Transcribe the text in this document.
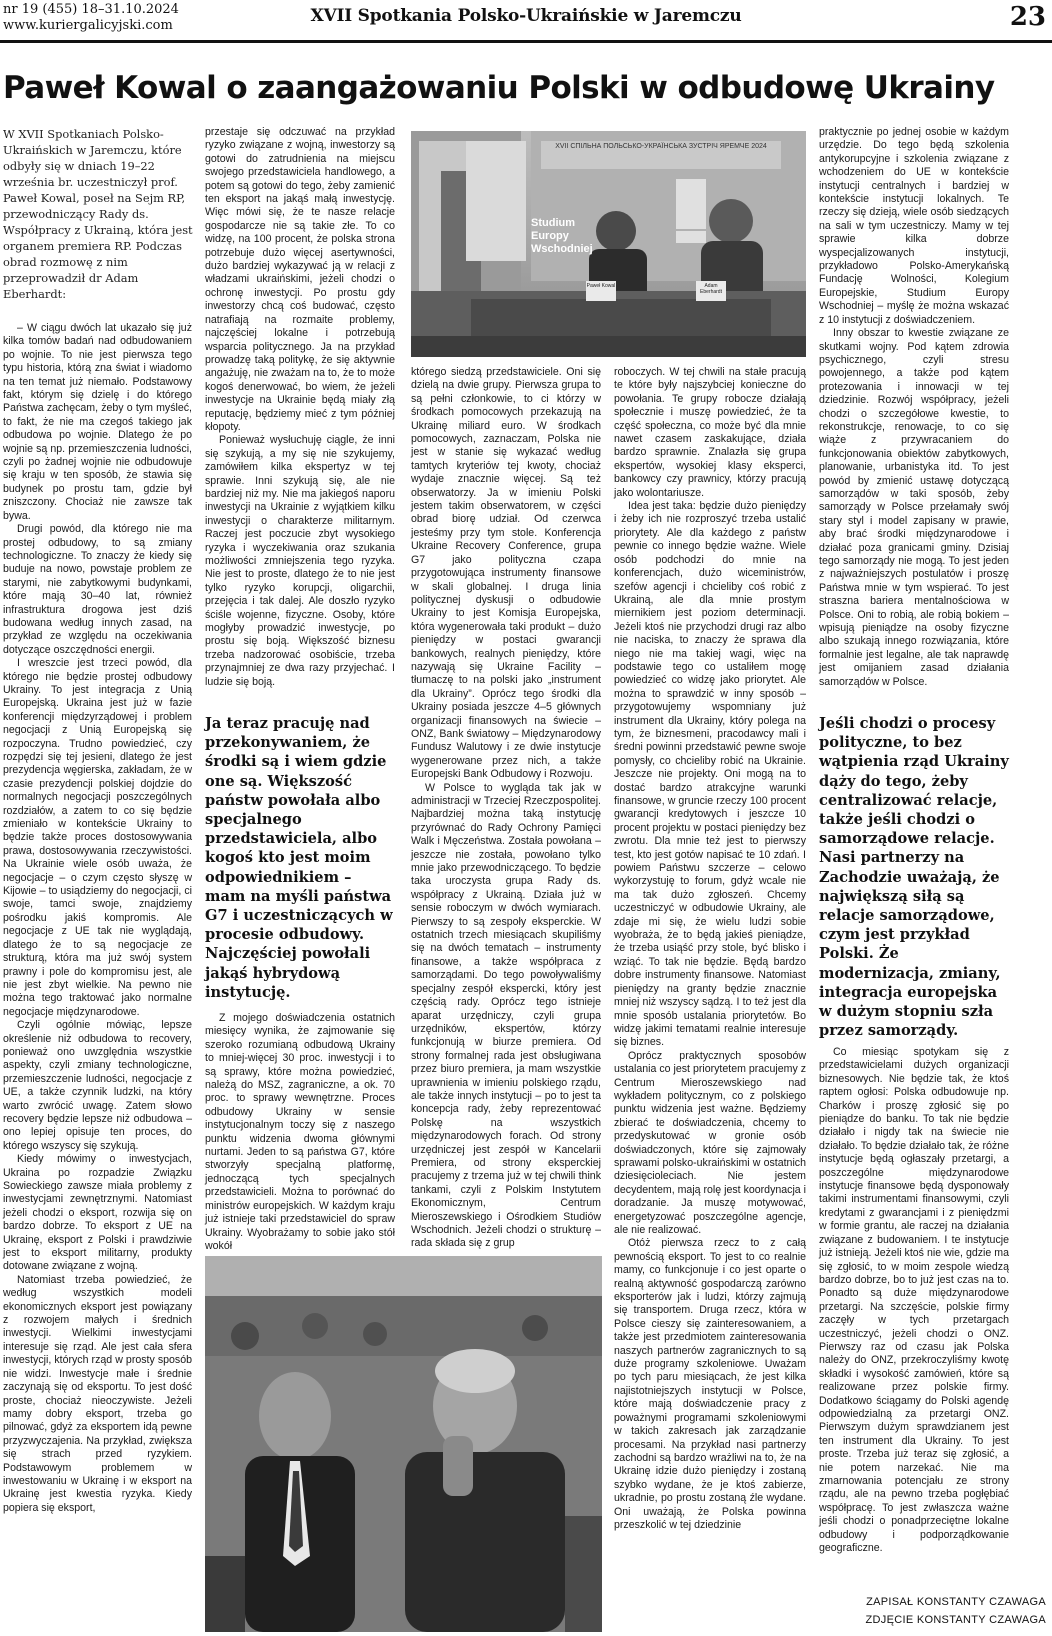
nr 19 (455) 18–31.10.2024
www.kuriergalicyjski.com	XVII Spotkania Polsko-Ukraińskie w Jaremczu	23
Paweł Kowal o zaangażowaniu Polski w odbudowę Ukrainy
W XVII Spotkaniach Polsko-Ukraińskich w Jaremczu, które odbyły się w dniach 19–22 września br. uczestniczył prof. Paweł Kowal, poseł na Sejm RP, przewodniczący Rady ds. Współpracy z Ukrainą, która jest organem premiera RP. Podczas obrad rozmowę z nim przeprowadził dr Adam Eberhardt:

– W ciągu dwóch lat ukazało się już kilka tomów badań nad odbudowaniem po wojnie. To nie jest pierwsza tego typu historia, którą zna świat i wiadomo na ten temat już niemało. Podstawowy fakt, którym się dzielę i do którego Państwa zachęcam, żeby o tym myśleć, to fakt, że nie ma czegoś takiego jak odbudowa po wojnie. Dlatego że po wojnie są np. przemieszczenia ludności, czyli po żadnej wojnie nie odbudowuje się kraju w ten sposób, że stawia się budynek po prostu tam, gdzie był zniszczony. Chociaż nie zawsze tak bywa.

Drugi powód, dla którego nie ma prostej odbudowy, to są zmiany technologiczne. To znaczy że kiedy się buduje na nowo, powstaje problem ze starymi, nie zabytkowymi budynkami, które mają 30–40 lat, również infrastruktura drogowa jest dziś budowana według innych zasad, na przykład ze względu na oczekiwania dotyczące oszczędności energii.

I wreszcie jest trzeci powód, dla którego nie będzie prostej odbudowy Ukrainy. To jest integracja z Unią Europejską. Ukraina jest już w fazie konferencji międzyrządowej i problem negocjacji z Unią Europejską się rozpoczyna. Trudno powiedzieć, czy rozpędzi się tej jesieni, dlatego że jest prezydencja węgierska, zakładam, że w czasie prezydencji polskiej dojdzie do normalnych negocjacji poszczególnych rozdziałów, a zatem to co się będzie zmieniało w kontekście Ukrainy to będzie także proces dostosowywania prawa, dostosowywania rzeczywistości. Na Ukrainie wiele osób uważa, że negocjacje – o czym często słyszę w Kijowie – to usiądziemy do negocjacji, ci swoje, tamci swoje, znajdziemy pośrodku jakiś kompromis. Ale negocjacje z UE tak nie wyglądają, dlatego że to są negocjacje ze strukturą, która ma już swój system prawny i pole do kompromisu jest, ale nie jest zbyt wielkie. Na pewno nie można tego traktować jako normalne negocjacje międzynarodowe.

Czyli ogólnie mówiąc, lepsze określenie niż odbudowa to recovery, ponieważ ono uwzględnia wszystkie aspekty, czyli zmiany technologiczne, przemieszczenie ludności, negocjacje z UE, a także czynnik ludzki, na który warto zwrócić uwagę. Zatem słowo recovery będzie lepsze niż odbudowa – ono lepiej opisuje ten proces, do którego wszyscy się szykują.

Kiedy mówimy o inwestycjach, Ukraina po rozpadzie Związku Sowieckiego zawsze miała problemy z inwestycjami zewnętrznymi. Natomiast jeżeli chodzi o eksport, rozwija się on bardzo dobrze. To eksport z UE na Ukrainę, eksport z Polski i prawdziwie jest to eksport militarny, produkty dotowane związane z wojną.

Natomiast trzeba powiedzieć, że według wszystkich modeli ekonomicznych eksport jest powiązany z rozwojem małych i średnich inwestycji. Wielkimi inwestycjami interesuje się rząd. Ale jest cała sfera inwestycji, których rząd w prosty sposób nie widzi. Inwestycje małe i średnie zaczynają się od eksportu. To jest dość proste, chociaż nieoczywiste. Jeżeli mamy dobry eksport, trzeba go pilnować, gdyż za eksportem idą pewne przyzwyczajenia. Na przykład, zwiększa się strach przed ryzykiem. Podstawowym problemem w inwestowaniu w Ukrainę i w eksport na Ukrainę jest kwestia ryzyka. Kiedy popiera się eksport,

przestaje się odczuwać na przykład ryzyko związane z wojną, inwestorzy są gotowi do zatrudnienia na miejscu swojego przedstawiciela handlowego, a potem są gotowi do tego, żeby zamienić ten eksport na jakąś małą inwestycję. Więc mówi się, że te nasze relacje gospodarcze nie są takie złe. To co widzę, na 100 procent, że polska strona potrzebuje dużo więcej asertywności, dużo bardziej wykazywać ją w relacji z władzami ukraińskimi, jeżeli chodzi o ochronę inwestycji. Po prostu gdy inwestorzy chcą coś budować, często natrafiają na rozmaite problemy, najczęściej lokalne i potrzebują wsparcia politycznego. Ja na przykład prowadzę taką politykę, że się aktywnie angażuję, nie zważam na to, że to może kogoś denerwować, bo wiem, że jeżeli inwestycje na Ukrainie będą miały złą reputację, będziemy mieć z tym później kłopoty.

Ponieważ wysłuchuję ciągle, że inni się szykują, a my się nie szykujemy, zamówiłem kilka ekspertyz w tej sprawie. Inni szykują się, ale nie bardziej niż my. Nie ma jakiegoś naporu inwestycji na Ukrainie z wyjątkiem kilku inwestycji o charakterze militarnym. Raczej jest poczucie zbyt wysokiego ryzyka i wyczekiwania oraz szukania możliwości zmniejszenia tego ryzyka. Nie jest to proste, dlatego że to nie jest tylko ryzyko korupcji, oligarchii, przejęcia i tak dalej. Ale doszło ryzyko ściśle wojenne, fizyczne. Osoby, które mogłyby prowadzić inwestycje, po prostu się boją. Większość biznesu trzeba nadzorować osobiście, trzeba przynajmniej ze dwa razy przyjechać. I ludzie się boją.

Ja teraz pracuję nad przekonywaniem, że środki są i wiem gdzie one są. Większość państw powołała albo specjalnego przedstawiciela, albo kogoś kto jest moim odpowiednikiem – mam na myśli państwa G7 i uczestniczących w procesie odbudowy. Najczęściej powołali jakąś hybrydową instytucję.

Z mojego doświadczenia ostatnich miesięcy wynika, że zajmowanie się szeroko rozumianą odbudową Ukrainy to mniej-więcej 30 proc. inwestycji i to są sprawy, które można powiedzieć, należą do MSZ, zagraniczne, a ok. 70 proc. to sprawy wewnętrzne. Proces odbudowy Ukrainy w sensie instytucjonalnym toczy się z naszego punktu widzenia dwoma głównymi nurtami. Jeden to są państwa G7, które stworzyły specjalną platformę, jednoczącą tych specjalnych przedstawicieli. Można to porównać do ministrów europejskich. W każdym kraju już istnieje taki przedstawiciel do spraw Ukrainy. Wyobrażamy to sobie jako stół wokół

Studium Europy Wschodniej
XVII СПІЛЬНА ПОЛЬСЬКО-УКРАЇНСЬКА ЗУСТРІЧ ЯРЕМЧЕ 2024
Paweł Kowal	Adam Eberhardt

którego siedzą przedstawiciele. Oni się dzielą na dwie grupy. Pierwsza grupa to są pełni członkowie, to ci którzy w środkach pomocowych przekazują na Ukrainę miliard euro. W środkach pomocowych, zaznaczam, Polska nie jest w stanie się wykazać według tamtych kryteriów tej kwoty, chociaż wydaje znacznie więcej. Są też obserwatorzy. Ja w imieniu Polski jestem takim obserwatorem, w części obrad biorę udział. Od czerwca jesteśmy przy tym stole. Konferencja Ukraine Recovery Conference, grupa G7 jako polityczna czapa przygotowująca instrumenty finansowe w skali globalnej. I druga linia politycznej dyskusji o odbudowie Ukrainy to jest Komisja Europejska, która wygenerowała taki produkt – dużo pieniędzy w postaci gwarancji bankowych, realnych pieniędzy, które nazywają się Ukraine Facility – tłumaczę to na polski jako „instrument dla Ukrainy”. Oprócz tego środki dla Ukrainy posiada jeszcze 4–5 głównych organizacji finansowych na świecie – ONZ, Bank światowy – Międzynarodowy Fundusz Walutowy i ze dwie instytucje wygenerowane przez nich, a także Europejski Bank Odbudowy i Rozwoju.

W Polsce to wygląda tak jak w administracji w Trzeciej Rzeczpospolitej. Najbardziej można taką instytucję przyrównać do Rady Ochrony Pamięci Walk i Męczeństwa. Została powołana – jeszcze nie została, powołano tylko mnie jako przewodniczącego. To będzie taka uroczysta grupa Rady ds. współpracy z Ukrainą. Działa już w sensie roboczym w dwóch wymiarach. Pierwszy to są zespoły eksperckie. W ostatnich trzech miesiącach skupiliśmy się na dwóch tematach – instrumenty finansowe, a także współpraca z samorządami. Do tego powoływaliśmy specjalny zespół ekspercki, który jest częścią rady. Oprócz tego istnieje aparat urzędniczy, czyli grupa urzędników, ekspertów, którzy funkcjonują w biurze premiera. Od strony formalnej rada jest obsługiwana przez biuro premiera, ja mam wszystkie uprawnienia w imieniu polskiego rządu, ale także innych instytucji – po to jest ta koncepcja rady, żeby reprezentować Polskę na wszystkich międzynarodowych forach. Od strony urzędniczej jest zespół w Kancelarii Premiera, od strony eksperckiej pracujemy z trzema już w tej chwili think tankami, czyli z Polskim Instytutem Ekonomicznym, Centrum Mieroszewskiego i Ośrodkiem Studiów Wschodnich. Jeżeli chodzi o strukturę – rada składa się z grup

roboczych. W tej chwili na stałe pracują te które były najszybciej konieczne do powołania. Te grupy robocze działają społecznie i muszę powiedzieć, że ta część społeczna, co może być dla mnie nawet czasem zaskakujące, działa bardzo sprawnie. Znalazła się grupa ekspertów, wysokiej klasy eksperci, bankowcy czy prawnicy, którzy pracują jako wolontariusze.

Idea jest taka: będzie dużo pieniędzy i żeby ich nie rozproszyć trzeba ustalić priorytety. Ale dla każdego z państw pewnie co innego będzie ważne. Wiele osób podchodzi do mnie na konferencjach, dużo wiceministrów, szefów agencji i chcieliby coś robić z Ukrainą, ale dla mnie prostym miernikiem jest poziom determinacji. Jeżeli ktoś nie przychodzi drugi raz albo nie naciska, to znaczy że sprawa dla niego nie ma takiej wagi, więc na podstawie tego co ustaliłem mogę powiedzieć co widzę jako priorytet. Ale można to sprawdzić w inny sposób – przygotowujemy wspomniany już instrument dla Ukrainy, który polega na tym, że biznesmeni, pracodawcy mali i średni powinni przedstawić pewne swoje pomysły, co chcieliby robić na Ukrainie. Jeszcze nie projekty. Oni mogą na to dostać bardzo atrakcyjne warunki finansowe, w gruncie rzeczy 100 procent gwarancji kredytowych i jeszcze 10 procent projektu w postaci pieniędzy bez zwrotu. Dla mnie też jest to pierwszy test, kto jest gotów napisać te 10 zdań. I powiem Państwu szczerze – celowo wykorzystuję to forum, gdyż wcale nie ma tak dużo zgłoszeń. Chcemy uczestniczyć w odbudowie Ukrainy, ale zdaje mi się, że wielu ludzi sobie wyobraża, że to będą jakieś pieniądze, że trzeba usiąść przy stole, być blisko i wziąć. To tak nie będzie. Będą bardzo dobre instrumenty finansowe. Natomiast pieniędzy na granty będzie znacznie mniej niż wszyscy sądzą. I to też jest dla mnie sposób ustalania priorytetów. Bo widzę jakimi tematami realnie interesuje się biznes.

Oprócz praktycznych sposobów ustalania co jest priorytetem pracujemy z Centrum Mieroszewskiego nad wykładem politycznym, co z polskiego punktu widzenia jest ważne. Będziemy zbierać te doświadczenia, chcemy to przedyskutować w gronie osób doświadczonych, które się zajmowały sprawami polsko-ukraińskimi w ostatnich dziesięcioleciach. Nie jestem decydentem, mają rolę jest koordynacja i doradzanie. Ja muszę motywować, energetyzować poszczególne agencje, ale nie realizować.

Otóż pierwsza rzecz to z całą pewnością eksport. To jest to co realnie mamy, co funkcjonuje i co jest oparte o realną aktywność gospodarczą zarówno eksporterów jak i ludzi, którzy zajmują się transportem. Druga rzecz, która w Polsce cieszy się zainteresowaniem, a także jest przedmiotem zainteresowania naszych partnerów zagranicznych to są duże programy szkoleniowe. Uważam po tych paru miesiącach, że jest kilka najistotniejszych instytucji w Polsce, które mają doświadczenie pracy z poważnymi programami szkoleniowymi w takich zakresach jak zarządzanie procesami. Na przykład nasi partnerzy zachodni są bardzo wrażliwi na to, że na Ukrainę idzie dużo pieniędzy i zostaną szybko wydane, że je ktoś zabierze, ukradnie, po prostu zostaną źle wydane. Oni uważają, że Polska powinna przeszkolić w tej dziedzinie

praktycznie po jednej osobie w każdym urzędzie. Do tego będą szkolenia antykorupcyjne i szkolenia związane z wchodzeniem do UE w kontekście instytucji centralnych i bardziej w kontekście instytucji lokalnych. Te rzeczy się dzieją, wiele osób siedzących na sali w tym uczestniczy. Mamy w tej sprawie kilka dobrze wyspecjalizowanych instytucji, przykładowo Polsko-Amerykańską Fundację Wolności, Kolegium Europejskie, Studium Europy Wschodniej – myślę że można wskazać z 10 instytucji z doświadczeniem.

Inny obszar to kwestie związane ze skutkami wojny. Pod kątem zdrowia psychicznego, czyli stresu powojennego, a także pod kątem protezowania i innowacji w tej dziedzinie. Rozwój współpracy, jeżeli chodzi o szczegółowe kwestie, to rekonstrukcje, renowacje, to co się wiąże z przywracaniem do funkcjonowania obiektów zabytkowych, planowanie, urbanistyka itd. To jest powód by zmienić ustawę dotyczącą samorządów w taki sposób, żeby samorządy w Polsce przełamały swój stary styl i model zapisany w prawie, aby brać środki międzynarodowe i działać poza granicami gminy. Dzisiaj tego samorządy nie mogą. To jest jeden z najważniejszych postulatów i proszę Państwa mnie w tym wspierać. To jest straszna bariera mentalnościowa w Polsce. Oni to robią, ale robią bokiem – wpisują pieniądze na osoby fizyczne albo szukają innego rozwiązania, które formalnie jest legalne, ale tak naprawdę jest omijaniem zasad działania samorządów w Polsce.

Jeśli chodzi o procesy polityczne, to bez wątpienia rząd Ukrainy dąży do tego, żeby centralizować relacje, także jeśli chodzi o samorządowe relacje. Nasi partnerzy na Zachodzie uważają, że największą siłą są relacje samorządowe, czym jest przykład Polski. Że modernizacja, zmiany, integracja europejska w dużym stopniu szła przez samorządy.

Co miesiąc spotykam się z przedstawicielami dużych organizacji biznesowych. Nie będzie tak, że ktoś raptem ogłosi: Polska odbudowuje np. Charków i proszę zgłosić się po pieniądze do banku. To tak nie będzie działało i nigdy tak na świecie nie działało. To będzie działało tak, że różne instytucje będą ogłaszały przetargi, a poszczególne międzynarodowe instytucje finansowe będą dysponowały takimi instrumentami finansowymi, czyli kredytami z gwarancjami i z pieniędzmi w formie grantu, ale raczej na działania związane z budowaniem. I te instytucje już istnieją. Jeżeli ktoś nie wie, gdzie ma się zgłosić, to w moim zespole wiedzą bardzo dobrze, bo to już jest czas na to. Ponadto są duże międzynarodowe przetargi. Na szczęście, polskie firmy zaczęły w tych przetargach uczestniczyć, jeżeli chodzi o ONZ. Pierwszy raz od czasu jak Polska należy do ONZ, przekroczyliśmy kwotę składki i wysokość zamówień, które są realizowane przez polskie firmy. Dodatkowo ściągamy do Polski agendę odpowiedzialną za przetargi ONZ. Pierwszym dużym sprawdzianem jest ten instrument dla Ukrainy. To jest proste. Trzeba już teraz się zgłosić, a nie potem narzekać. Nie ma zmarnowania potencjału ze strony rządu, ale na pewno trzeba pogłębiać współpracę. To jest zwłaszcza ważne jeśli chodzi o ponadprzeciętne lokalne odbudowy i podporządkowanie geograficzne.

ZAPISAŁ KONSTANTY CZAWAGA
ZDJĘCIE KONSTANTY CZAWAGA
